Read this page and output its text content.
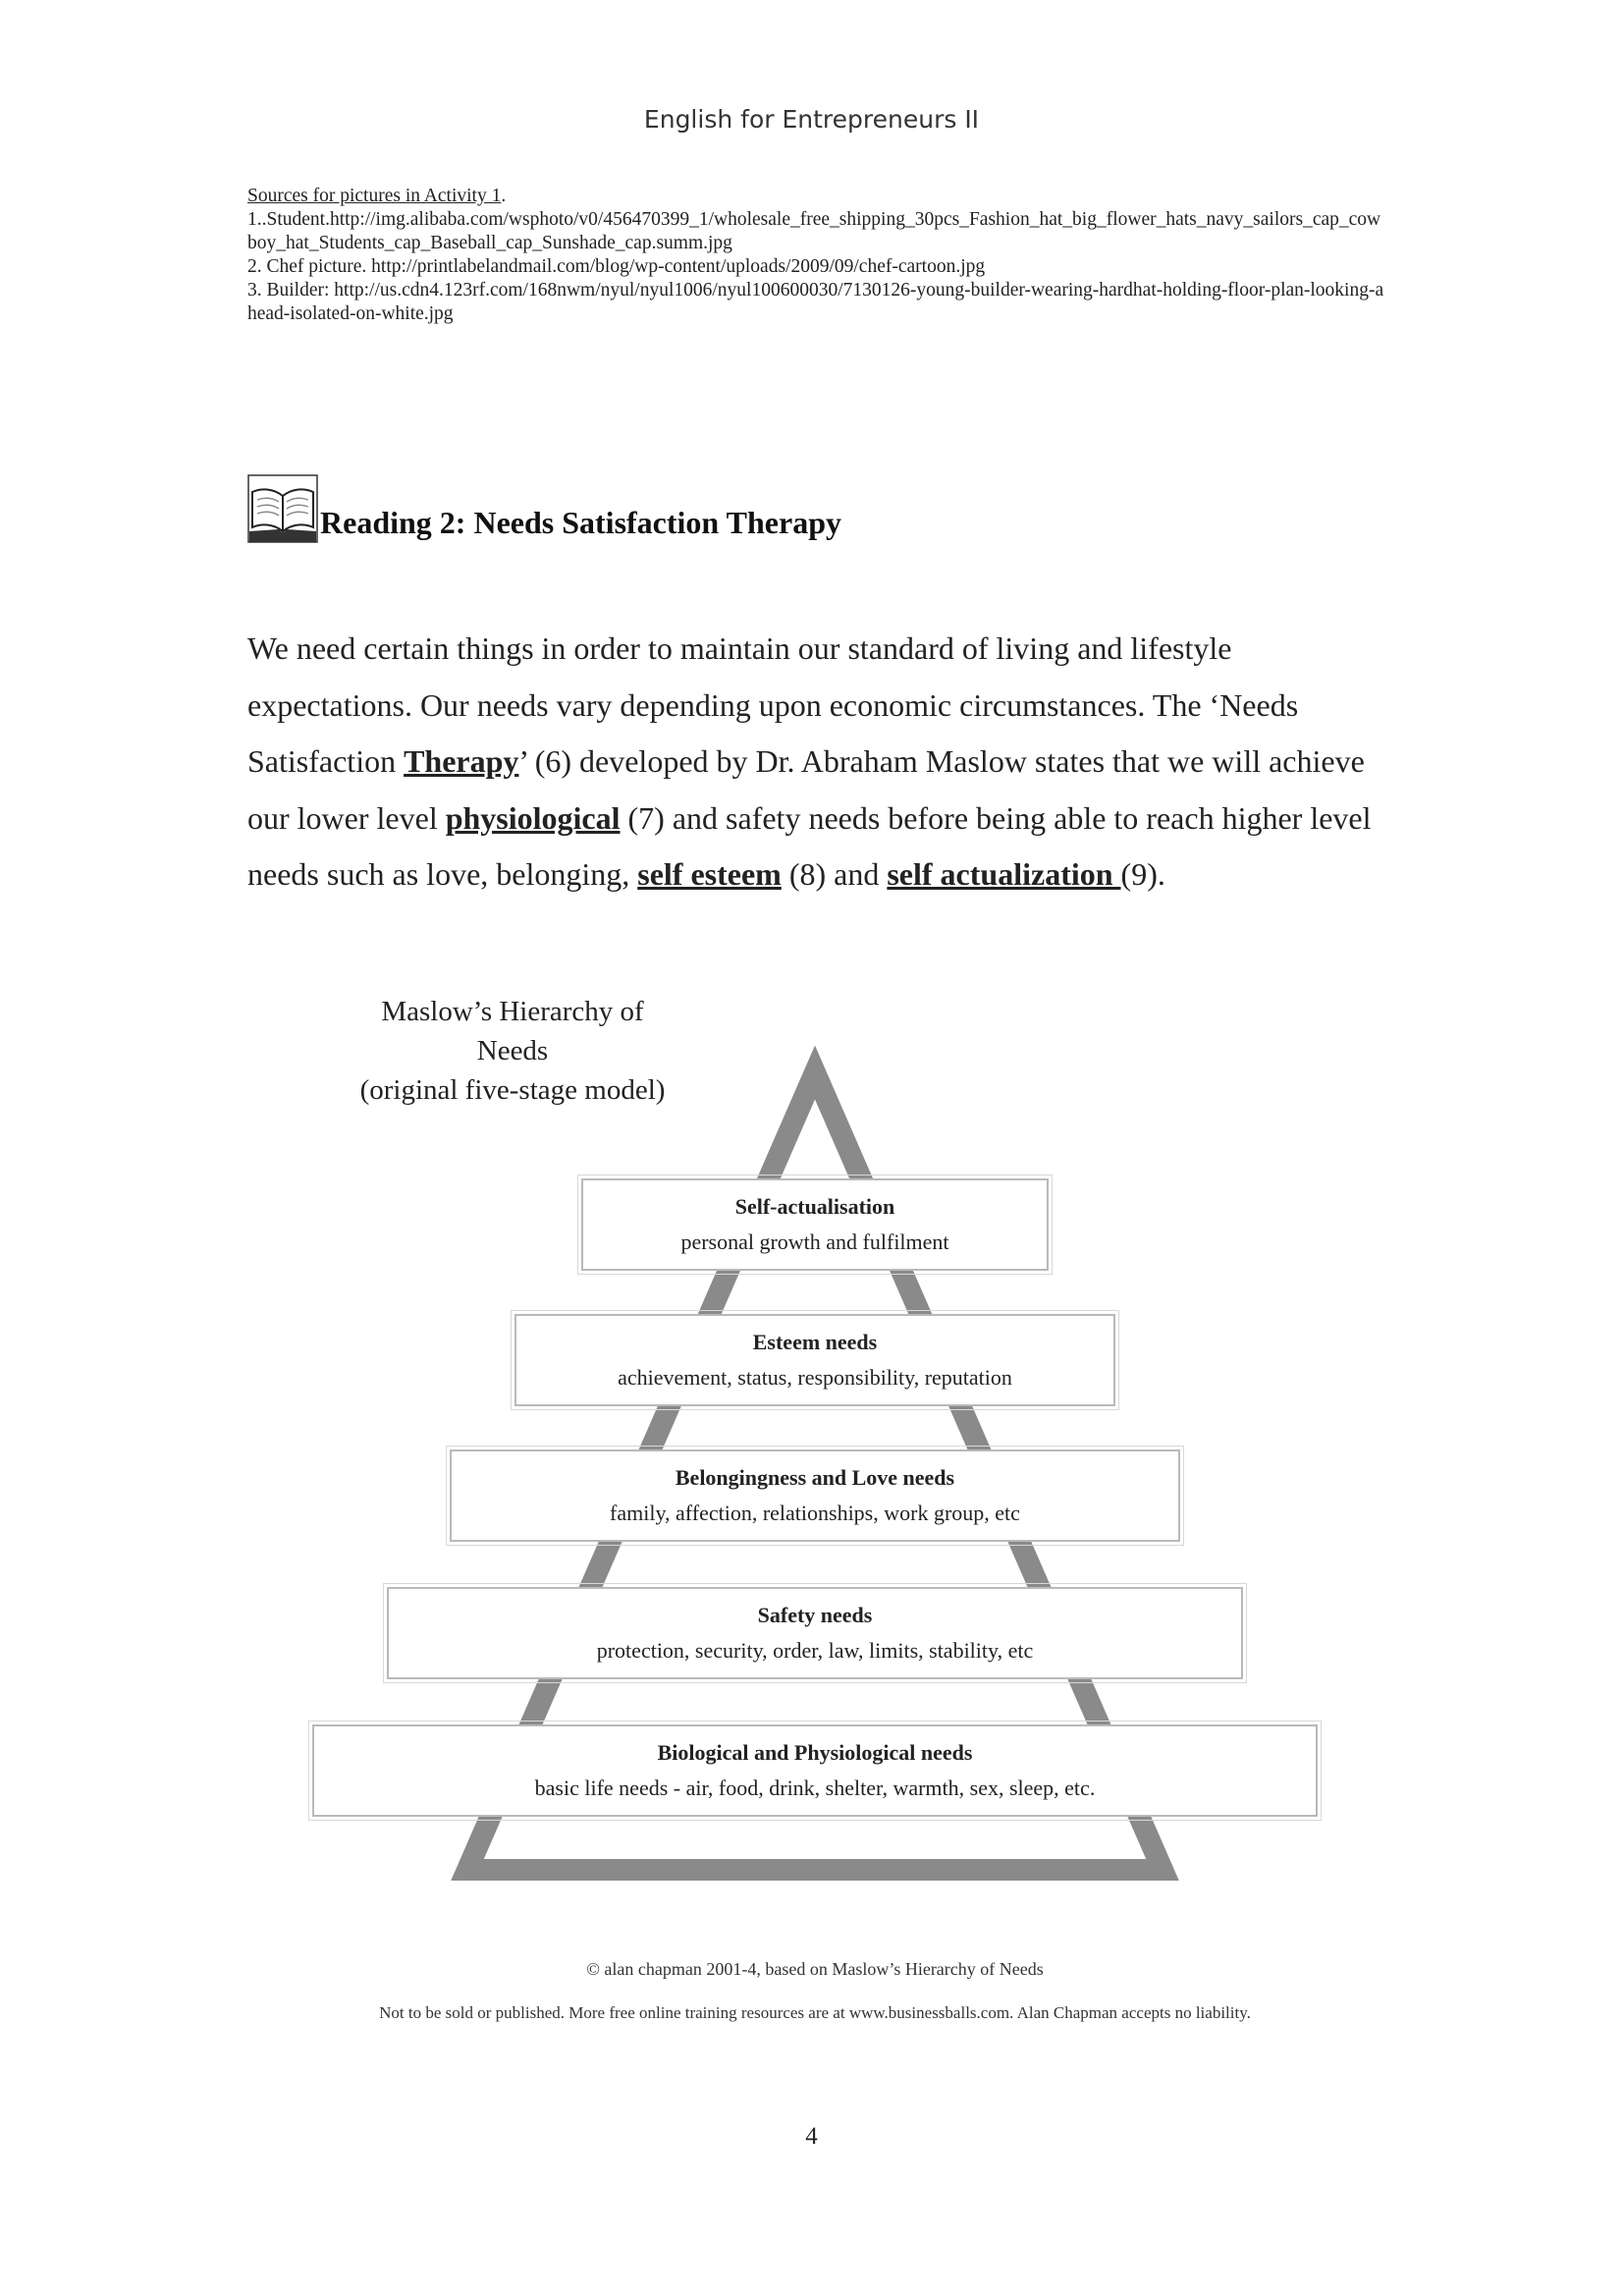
English for Entrepreneurs II
Sources for pictures in Activity 1.
1..Student.http://img.alibaba.com/wsphoto/v0/456470399_1/wholesale_free_shipping_30pcs_Fashion_hat_big_flower_hats_navy_sailors_cap_cowboy_hat_Students_cap_Baseball_cap_Sunshade_cap.summ.jpg
2. Chef picture. http://printlabelandmail.com/blog/wp-content/uploads/2009/09/chef-cartoon.jpg
3. Builder: http://us.cdn4.123rf.com/168nwm/nyul/nyul1006/nyul100600030/7130126-young-builder-wearing-hardhat-holding-floor-plan-looking-ahead-isolated-on-white.jpg
Reading 2: Needs Satisfaction Therapy
We need certain things in order to maintain our standard of living and lifestyle expectations. Our needs vary depending upon economic circumstances. The ‘Needs Satisfaction Therapy’ (6) developed by Dr. Abraham Maslow states that we will achieve our lower level physiological (7) and safety needs before being able to reach higher level needs such as love, belonging, self esteem (8) and self actualization (9).
Maslow’s Hierarchy of Needs
(original five-stage model)
Self-actualisation
personal growth and fulfilment
Esteem needs
achievement, status, responsibility, reputation
Belongingness and Love needs
family, affection, relationships, work group, etc
Safety needs
protection, security, order, law, limits, stability, etc
Biological and Physiological needs
basic life needs - air, food, drink, shelter, warmth, sex, sleep, etc.
© alan chapman 2001-4, based on Maslow’s Hierarchy of Needs
Not to be sold or published. More free online training resources are at www.businessballs.com. Alan Chapman accepts no liability.
4
